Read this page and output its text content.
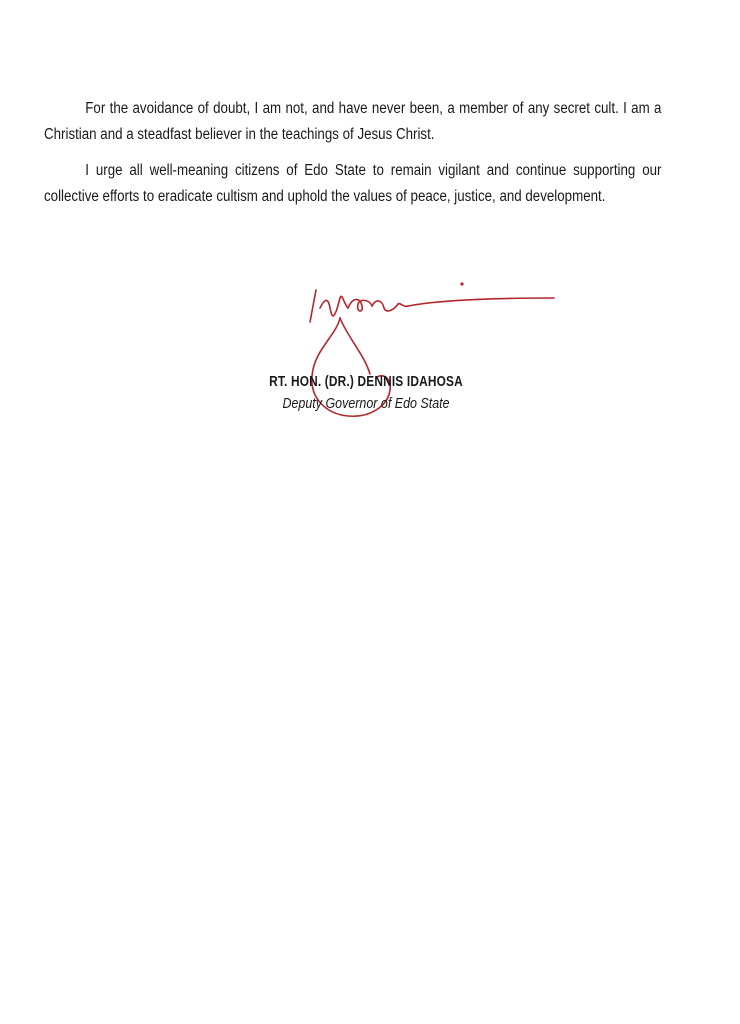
For the avoidance of doubt, I am not, and have never been, a member of any secret cult. I am a Christian and a steadfast believer in the teachings of Jesus Christ.

I urge all well-meaning citizens of Edo State to remain vigilant and continue supporting our collective efforts to eradicate cultism and uphold the values of peace, justice, and development.

RT. HON. (DR.) DENNIS IDAHOSA
Deputy Governor of Edo State
